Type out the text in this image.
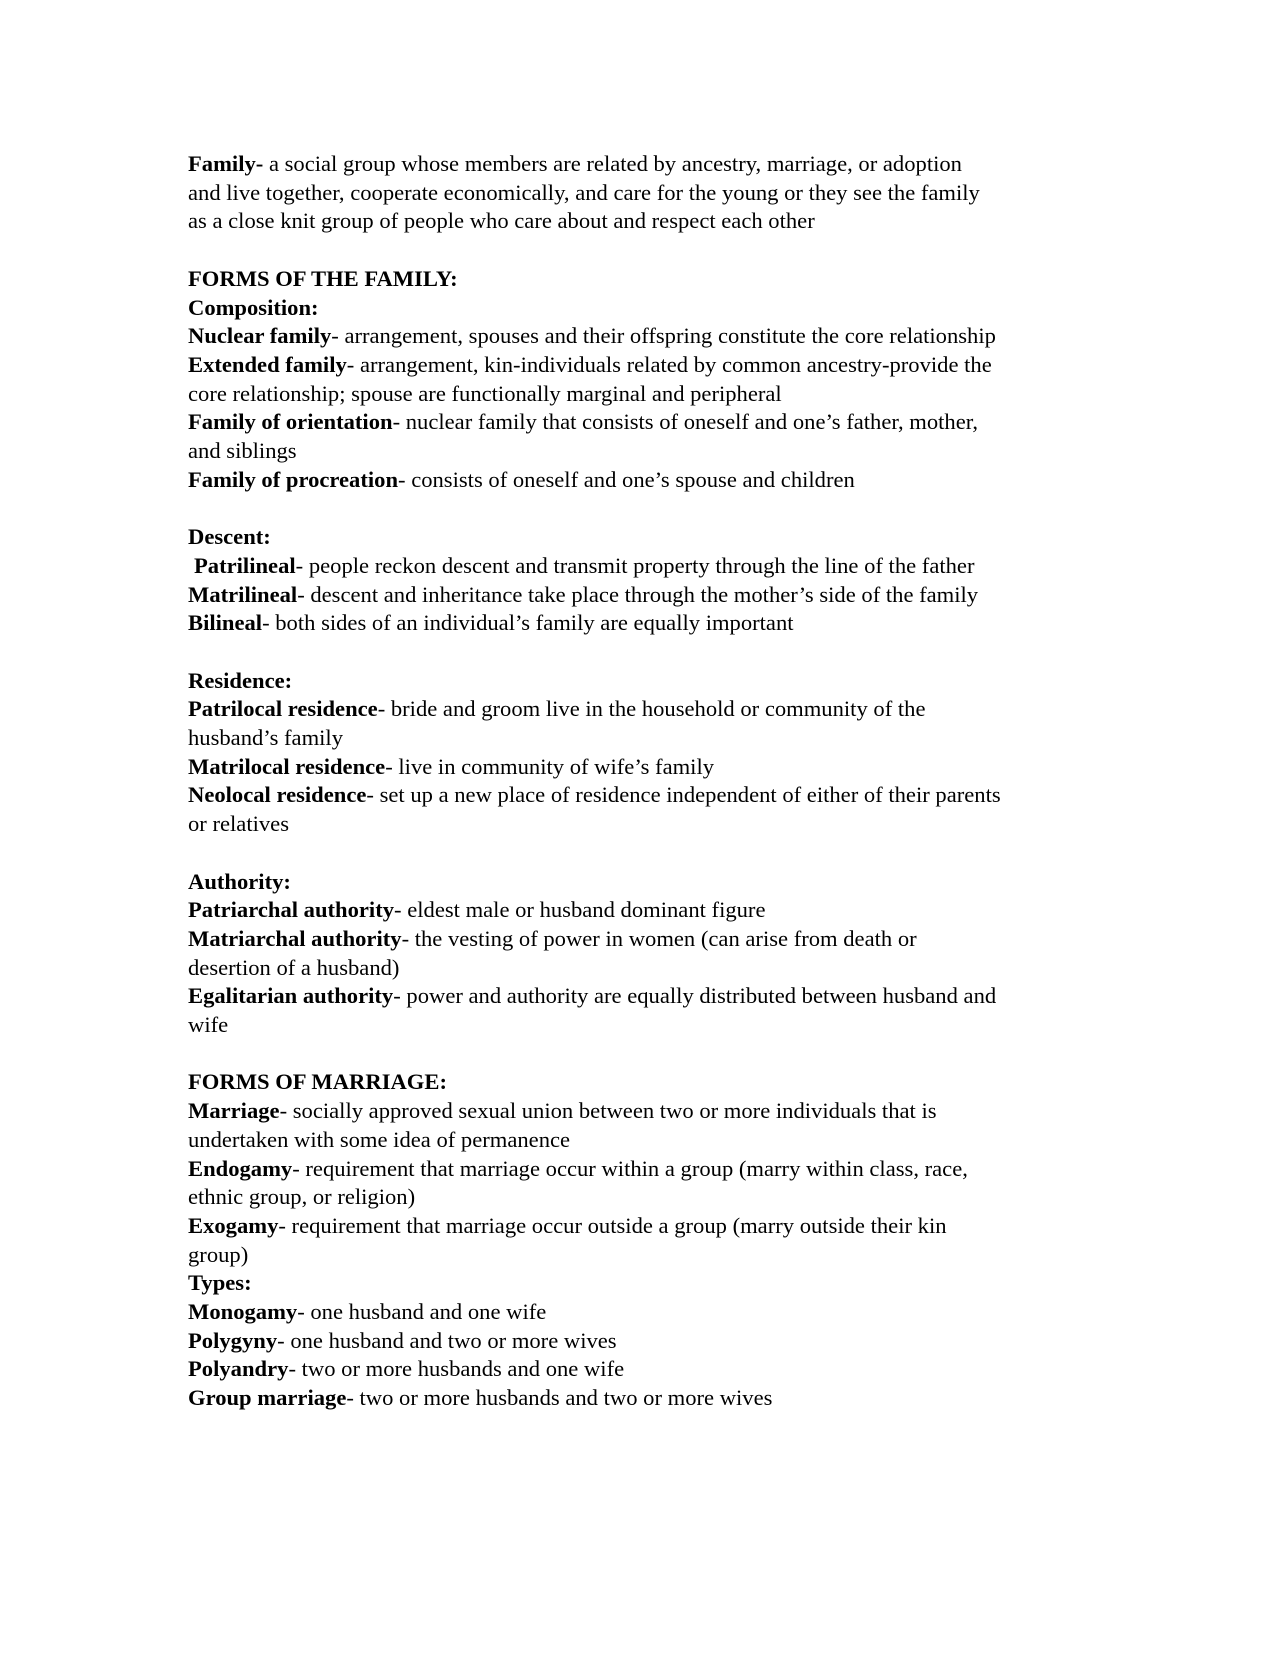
Family- a social group whose members are related by ancestry, marriage, or adoption
and live together, cooperate economically, and care for the young or they see the family
as a close knit group of people who care about and respect each other
FORMS OF THE FAMILY:
Composition:
Nuclear family- arrangement, spouses and their offspring constitute the core relationship
Extended family- arrangement, kin-individuals related by common ancestry-provide the
core relationship; spouse are functionally marginal and peripheral
Family of orientation- nuclear family that consists of oneself and one’s father, mother,
and siblings
Family of procreation- consists of oneself and one’s spouse and children
Descent:
Patrilineal- people reckon descent and transmit property through the line of the father
Matrilineal- descent and inheritance take place through the mother’s side of the family
Bilineal- both sides of an individual’s family are equally important
Residence:
Patrilocal residence- bride and groom live in the household or community of the
husband’s family
Matrilocal residence- live in community of wife’s family
Neolocal residence- set up a new place of residence independent of either of their parents
or relatives
Authority:
Patriarchal authority- eldest male or husband dominant figure
Matriarchal authority- the vesting of power in women (can arise from death or
desertion of a husband)
Egalitarian authority- power and authority are equally distributed between husband and
wife
FORMS OF MARRIAGE:
Marriage- socially approved sexual union between two or more individuals that is
undertaken with some idea of permanence
Endogamy- requirement that marriage occur within a group (marry within class, race,
ethnic group, or religion)
Exogamy- requirement that marriage occur outside a group (marry outside their kin
group)
Types:
Monogamy- one husband and one wife
Polygyny- one husband and two or more wives
Polyandry- two or more husbands and one wife
Group marriage- two or more husbands and two or more wives
